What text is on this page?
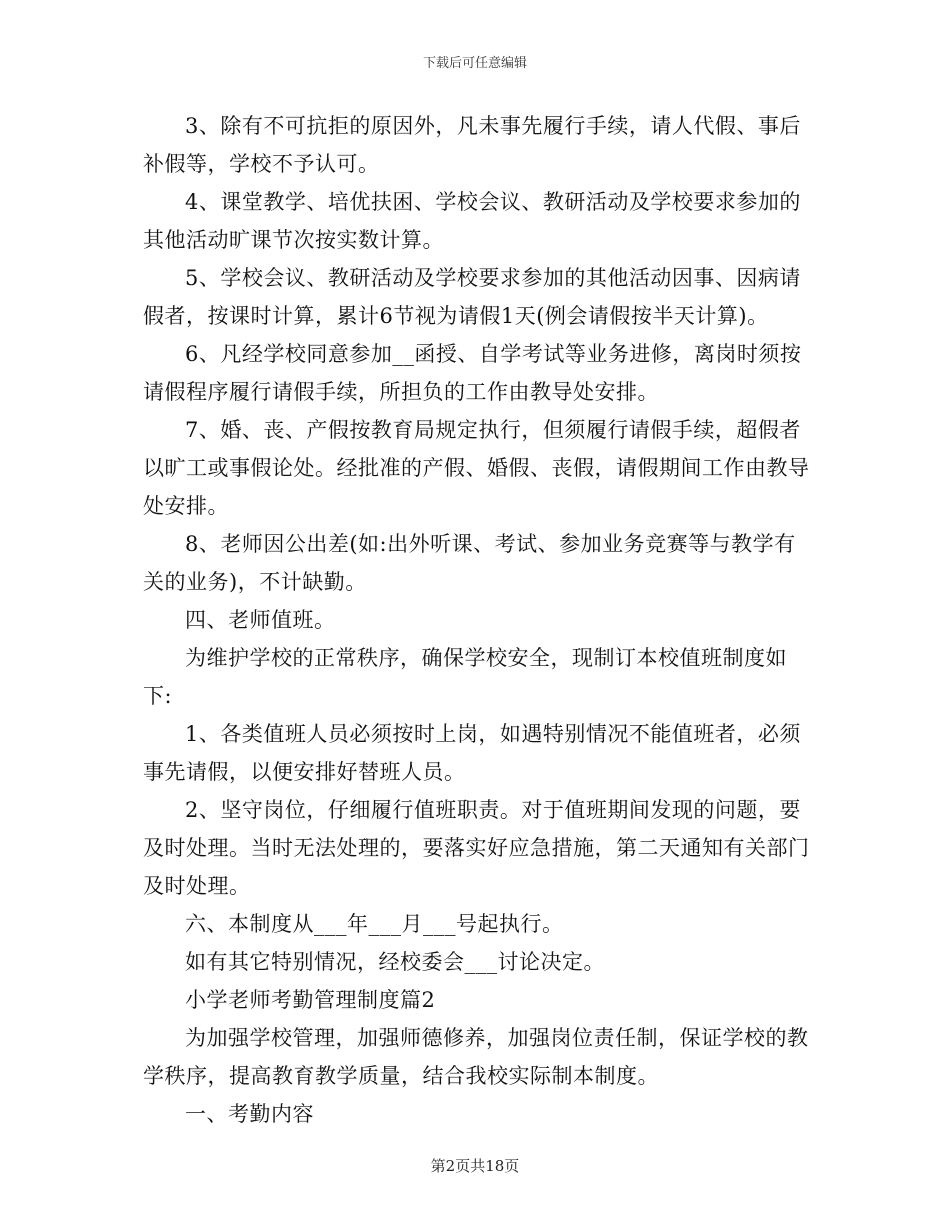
下载后可任意编辑

3、除有不可抗拒的原因外，凡未事先履行手续，请人代假、事后补假等，学校不予认可。

4、课堂教学、培优扶困、学校会议、教研活动及学校要求参加的其他活动旷课节次按实数计算。

5、学校会议、教研活动及学校要求参加的其他活动因事、因病请假者，按课时计算，累计6节视为请假1天(例会请假按半天计算)。

6、凡经学校同意参加__函授、自学考试等业务进修，离岗时须按请假程序履行请假手续，所担负的工作由教导处安排。

7、婚、丧、产假按教育局规定执行，但须履行请假手续，超假者以旷工或事假论处。经批准的产假、婚假、丧假，请假期间工作由教导处安排。

8、老师因公出差(如:出外听课、考试、参加业务竞赛等与教学有关的业务)，不计缺勤。

四、老师值班。

为维护学校的正常秩序，确保学校安全，现制订本校值班制度如下:

1、各类值班人员必须按时上岗，如遇特别情况不能值班者，必须事先请假，以便安排好替班人员。

2、坚守岗位，仔细履行值班职责。对于值班期间发现的问题，要及时处理。当时无法处理的，要落实好应急措施，第二天通知有关部门及时处理。

六、本制度从___年___月___号起执行。

如有其它特别情况，经校委会___讨论决定。

小学老师考勤管理制度篇2

为加强学校管理，加强师德修养，加强岗位责任制，保证学校的教学秩序，提高教育教学质量，结合我校实际制本制度。

一、考勤内容

第2页共18页
